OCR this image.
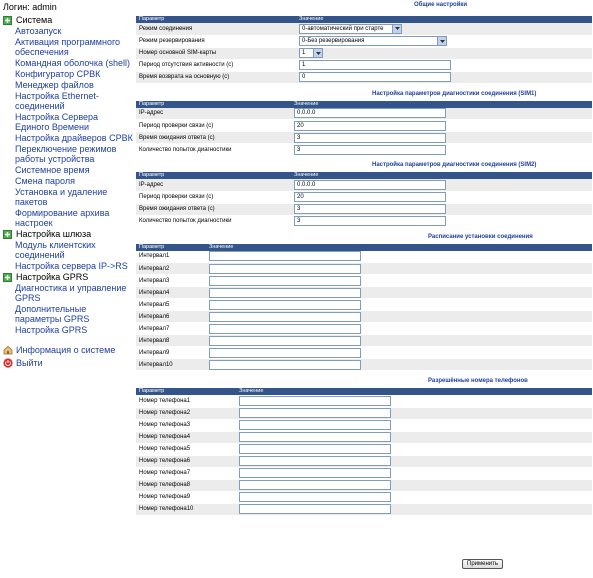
Логин: admin
Система
Автозапуск
Активация программного обеспечения
Командная оболочка (shell)
Конфигуратор СРВК
Менеджер файлов
Настройка Ethernet-соединений
Настройка Сервера Единого Времени
Настройка драйверов СРВК
Переключение режимов работы устройства
Системное время
Смена пароля
Установка и удаление пакетов
Формирование архива настроек
Настройка шлюза
Модуль клиентских соединений
Настройка сервера IP->RS
Настройка GPRS
Диагностика и управление GPRS
Дополнительные параметры GPRS
Настройка GPRS
Информация о системе
Выйти
Общие настройки
Параметр	Значение
Режим соединения	0-автоматический при старте

Режим резервирования	0-Без резервирования

Номер основной SIM-карты	1

Период отсутствия активности (с)	1
Время возврата на основную (с)	0
Настройка параметров диагностики соединения (SIM1)
Параметр	Значение
IP-адрес	0.0.0.0
Период проверки связи (с)	20
Время ожидания ответа (с)	3
Количество попыток диагностики	3
Настройка параметров диагностики соединения (SIM2)
Параметр	Значение
IP-адрес	0.0.0.0
Период проверки связи (с)	20
Время ожидания ответа (с)	3
Количество попыток диагностики	3
Расписание установки соединения
Параметр	Значение
Интервал1	
Интервал2	
Интервал3	
Интервал4	
Интервал5	
Интервал6	
Интервал7	
Интервал8	
Интервал9	
Интервал10	
Разрешённые номера телефонов
Параметр	Значение
Номер телефона1	
Номер телефона2	
Номер телефона3	
Номер телефона4	
Номер телефона5	
Номер телефона6	
Номер телефона7	
Номер телефона8	
Номер телефона9	
Номер телефона10	
Применить
